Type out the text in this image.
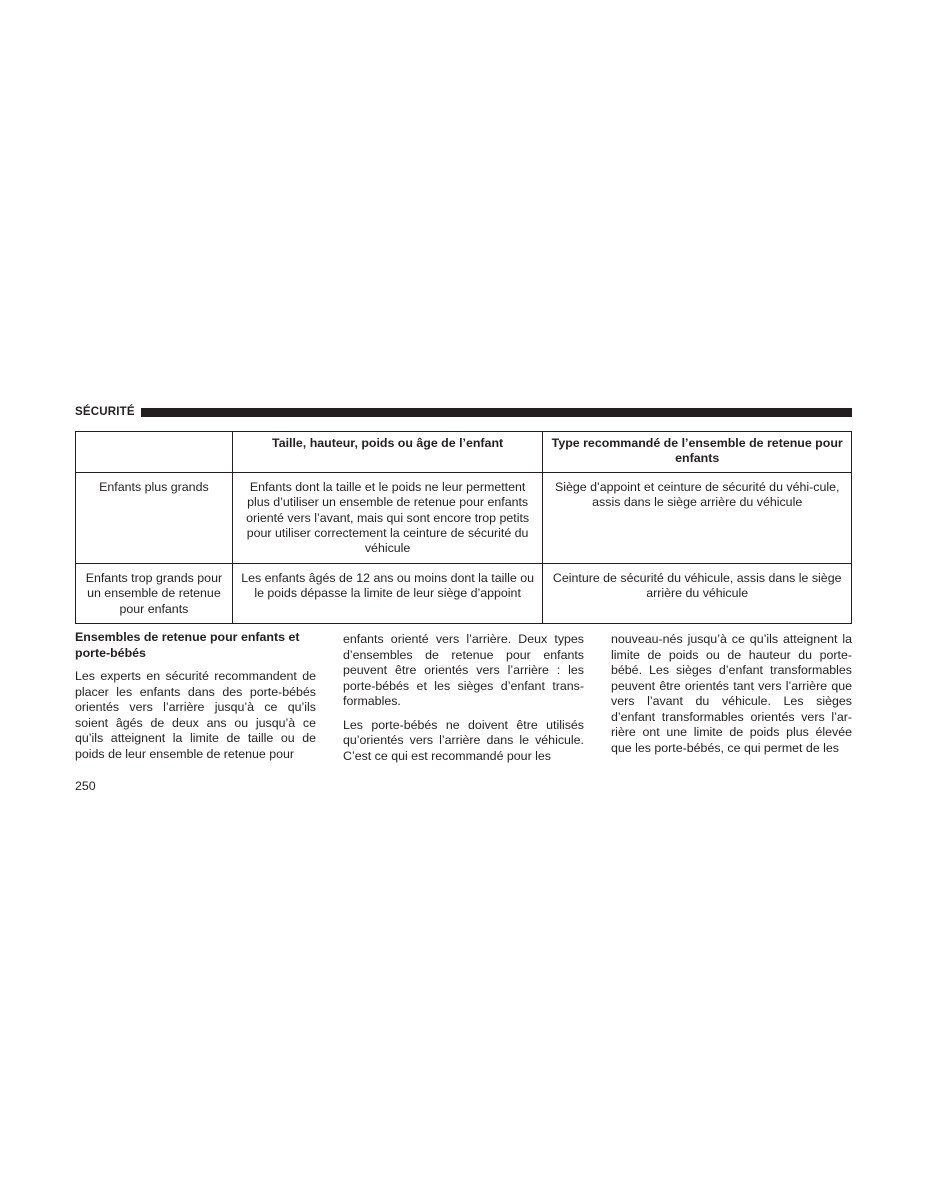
SÉCURITÉ
	Taille, hauteur, poids ou âge de l’enfant	Type recommandé de l’ensemble de retenue pour enfants
Enfants plus grands	Enfants dont la taille et le poids ne leur permettent plus d’utiliser un ensemble de retenue pour enfants orienté vers l’avant, mais qui sont encore trop petits pour utiliser correctement la ceinture de sécurité du véhicule	Siège d’appoint et ceinture de sécurité du véhi-cule, assis dans le siège arrière du véhicule
Enfants trop grands pour un ensemble de retenue pour enfants	Les enfants âgés de 12 ans ou moins dont la taille ou le poids dépasse la limite de leur siège d’appoint	Ceinture de sécurité du véhicule, assis dans le siège arrière du véhicule

Ensembles de retenue pour enfants et porte-bébés

Les experts en sécurité recommandent de placer les enfants dans des porte-bébés orientés vers l’arrière jusqu’à ce qu’ils soient âgés de deux ans ou jusqu’à ce qu’ils atteignent la limite de taille ou de poids de leur ensemble de retenue pour

enfants orienté vers l’arrière. Deux types d’ensembles de retenue pour enfants peuvent être orientés vers l’arrière : les porte-bébés et les sièges d’enfant trans-formables.

Les porte-bébés ne doivent être utilisés qu’orientés vers l’arrière dans le véhicule. C’est ce qui est recommandé pour les

nouveau-nés jusqu’à ce qu’ils atteignent la limite de poids ou de hauteur du porte-bébé. Les sièges d’enfant transformables peuvent être orientés tant vers l’arrière que vers l’avant du véhicule. Les sièges d’enfant transformables orientés vers l’ar-rière ont une limite de poids plus élevée que les porte-bébés, ce qui permet de les

250
